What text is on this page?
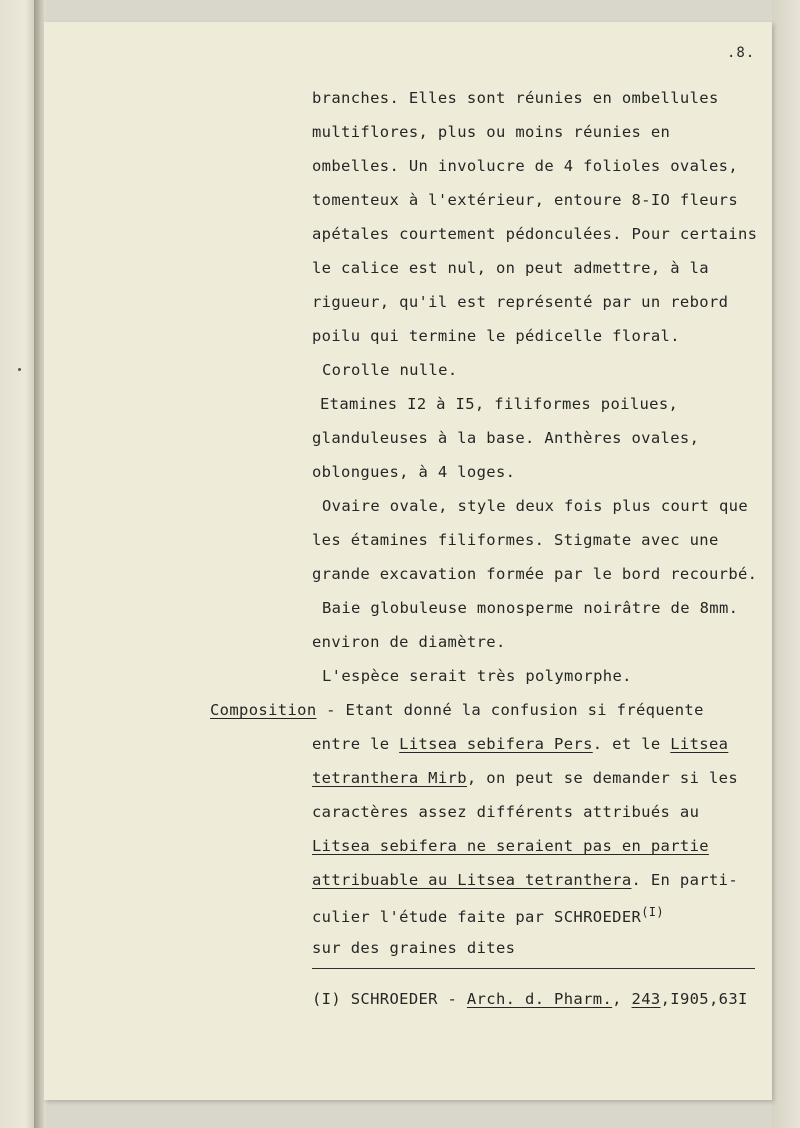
.8.
branches. Elles sont réunies en ombellules
multiflores, plus ou moins réunies en
ombelles. Un involucre de 4 folioles ovales,
tomenteux à l'extérieur, entoure 8-IO fleurs
apétales courtement pédonculées. Pour certains
le calice est nul, on peut admettre, à la
rigueur, qu'il est représenté par un rebord
poilu qui termine le pédicelle floral.
Corolle nulle.
Etamines I2 à I5, filiformes poilues,
glanduleuses à la base. Anthères ovales,
oblongues, à 4 loges.
Ovaire ovale, style deux fois plus court que
les étamines filiformes. Stigmate avec une
grande excavation formée par le bord recourbé.
Baie globuleuse monosperme noirâtre de 8mm.
environ de diamètre.
L'espèce serait très polymorphe.
Composition - Etant donné la confusion si fréquente
entre le Litsea sebifera Pers. et le Litsea
tetranthera Mirb, on peut se demander si les
caractères assez différents attribués au
Litsea sebifera ne seraient pas en partie
attribuable au Litsea tetranthera. En parti-
culier l'étude faite par $SCHROEDER^{(I)}$
sur des graines dites
(I) SCHROEDER - Arch. d. Pharm., 243,I905,63I
